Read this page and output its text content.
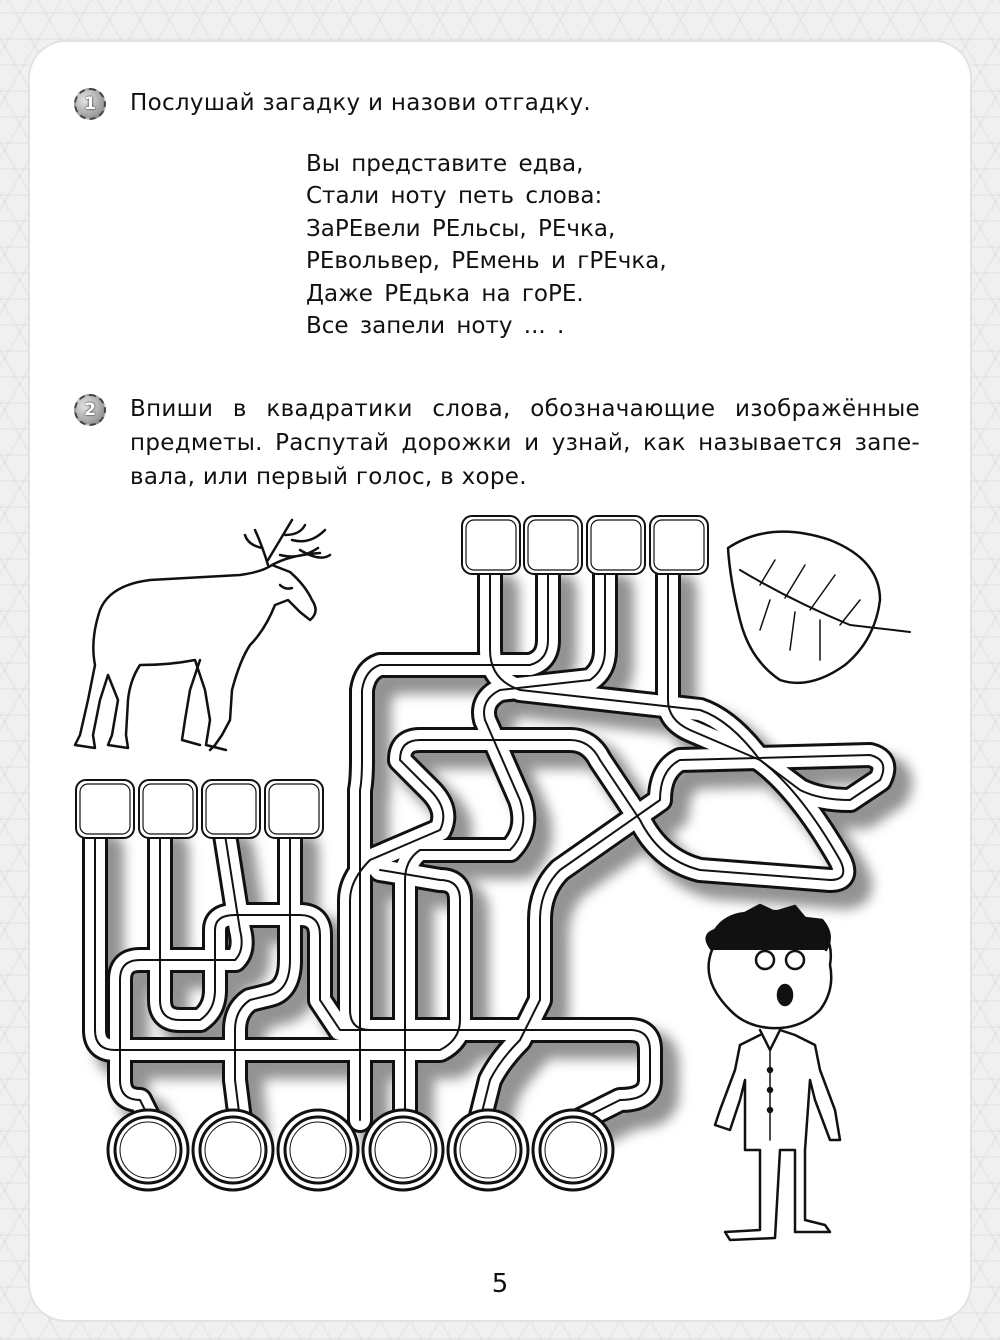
1	Послушай загадку и назови отгадку.
Вы представите едва,
Стали ноту петь слова:
ЗаРЕвели РЕльсы, РЕчка,
РЕвольвер, РЕмень и гРЕчка,
Даже РЕдька на гоРЕ.
Все запели ноту ... .
2	Впиши в квадратики слова, обозначающие изображённые
предметы. Распутай дорожки и узнай, как называется запе-
вала, или первый голос, в хоре.
5
